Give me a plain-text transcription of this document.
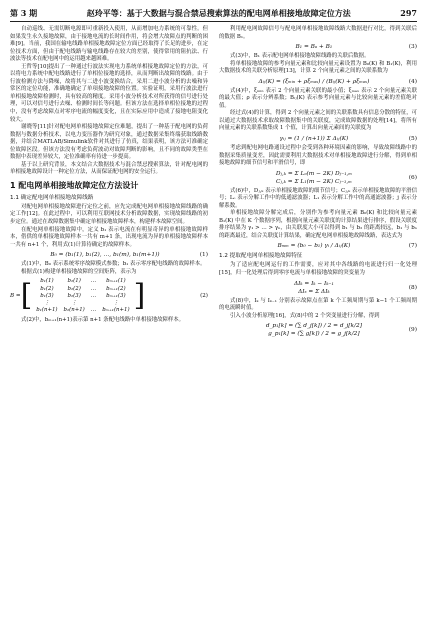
第 3 期	赵玲平等：基于大数据与混合禁忌搜索算法的配电网单相接地故障定位方法	297

自动巡线、无需切断电源即可重新投入使用，从而增加电力系统的可靠性。但如果发生永久接地故障，由于接地电流的长时间作用，将会增大故障点的判断的困难[9]。当前，我国在输电线路单相接地故障定位方面已经取得了长足的进步，在定位技术方面，但由于配电线路与输电线路存在较大的差别，使得常用的阻抗法、行波法等技术在配电网中的运用越来越困难。

王哲等[10]提出了一种通过行波法实现电力系统单相接地故障定位的方法，可以将电力系统中配电线路进行了单相位接地的选择，从而判断出故障的线路。由于行波检测方法与降噪，故将其与二进小波变换结合，采用二进小波分析的去噪和异常区的定位功能，准确地确定了单项接地故障的位置。实验证明，采用行波法进行单相接地故障检测时，具有较高的精度。采用小波分析技术对所获得的信号进行处理，可以对信号进行去噪、检测时间长等问题。但该方法在选择单相位接地的过程中，没有考虑故障点对零序电流的幅度变化，且在实际应用中造成了接地电阻变化较大。

谢晓等[11]针对配电网单相接地故障定位难题，提出了一种基于配电网的负荷数据与数据分析技术，以电力变压器作为研究对象，通过数据采集终端获取线路数据，并结合MATLAB/Simulink软件对其进行了仿真，结果表明，该方法可准确定位故障区段。但该方法没有考虑负荷波动对故障判断的影响，且不同的故障类型在数据中表现差异较大，定位准确率有待进一步提高。

基于以上研究背景，本文结合大数据技术与混合禁忌搜索算法，针对配电网的单相接地故障设计一种定位方法，从而保证配电网的安全运行。

1 配电网单相接地故障定位方法设计
1.1 确定配电网单相接地故障线路

对配电网单相接地故障进行定位之前，应先完成配电网单相接地故障线路的确定工作[12]。在此过程中，可以利用互联网技术分析故障数据，实现故障线路的初步定位。通过在故障数据集中确定单相接地故障样本，构建样本故障空间。

在配电网单相接地故障中，定义 b₁ 表示电流在有明显奇异的单相接地故障样本，借供的单相接地故障样本一共有 m+1 条，出现电流为异的单相接地故障样本一共有 n+1 个，利用式(1)计算待确定的故障样本。

B₀ = (b₁(1), b₁(2), …, b₁(m), b₁(m+1))	(1)

式(1)中，B₀ 表示系统零序故障模式参数；b₁ 表示零序配电线路的故障样本。

根据式(1)构建单相接地故障的空间矩阵，表示为

B = [ b₁(1)	b₂(1)	…	bₘ₊₁(1)
b₁(2)	b₂(2)	…	bₘ₊₁(2)
b₁(3)	b₂(3)	…	bₘ₊₁(3)
⋮	⋮		⋮
b₁(n+1)	b₂(n+1)	…	bₘ₊₁(n+1) ]	(2)

式(2)中，bₘ₊₁(n+1)表示第 n+1 条配电线路中单相接地故障样本。

利用配电网故障信号与配电网单相接地故障线路大数据进行对比，得到关联后的数据 B₁。

B₁ = Bₐ + B₁	(3)

式(3)中，B₁ 表示配电网单相接地故障线路的关联后数据。

将单相接地故障的参考向量元素和比较向量元素设置为 B₀(K) 和 B₁(K)，利用大数据技术的关联分析原理[13]，计算 2 个向量元素之间的关联系数为

Δᵢⱼ(K) = (ξₘᵢₙ + ρξₘₐₓ) / (Bᵢⱼ(K) + ρξₘₐₓ)	(4)

式(4)中，ξₘᵢₙ 表示 2 个向量元素关联的最小值；ξₘₐₓ 表示 2 个向量元素关联的最大值；ρ 表示分辨系数；Bᵢⱼ(K) 表示参考向量元素与比较向量元素的差值绝对值。

经过式(4)的计算，得到 2 个向量元素之间的关联系数具有信息分散的特征，可以通过大数据技术求取故障数据集中的关联度，完成故障数据的处理[14]，将所有向量元素的关联系数集成 1 个值，计算出向量元素间的关联度为

γᵢⱼ = (1 / (n+1)) Σ Δᵢⱼ(K)	(5)

考虑到配电网电路通设过程中会受到各种环境因素的影响，导致故障线路中的数据采集质量变差，因此需要利用大数据技术对单相接地故障进行分解，得到单相接地故障的细节信号和平滑信号，即

Dⱼ,ₖ = Σ Lₒ(m − 2K) Dⱼ₋₁,ₘ
Cⱼ,ₖ = Σ L₁(m − 2K) Cⱼ₋₁,ₘ
(6)

式(6)中，Dⱼ,ₖ 表示单相接地故障的细节信号；Cⱼ,ₖ 表示单相接地故障的平滑信号；Lₒ 表示分解工作中的低通滤波器；L₁ 表示分解工作中的高通滤波器；j 表示分解系数。

单相接地故障分解完成后，分别作为参考向量元素 B₀(K) 和比较向量元素 B₁(K) 中在 K 个数据序列，根据向量元素关联度的计算结果进行排序，假设关联度排序结果为 γ₁ > … > γₙ，由关联度大小可以得到 b₁ 与 b₂ 的距离较远，b₁ 与 bₙ 的距离最近，结合关联度计算结果，确定配电网单相接地故障线路，表达式为

Bₘₘ = (b₀ − b₁) γᵢ / Δᵢⱼ(K)	(7)
1.2 提取配电网单相接地故障特征

为了适应配电网运行的工作需要，应对其中各线路的电流进行归一化处理[15]，归一化处理后得到零序电流与单相接地故障的突变量为

ΔIₖ = Iₖ − Iₖ₋₁
ΔIₛ = Σ ΔIₖ
(8)

式(8)中，Iₖ 与 Iₖ₋₁ 分别表示故障点在第 k 个工频周期与第 k−1 个工频周期的电流瞬时值。

引入小波分析原理[16]，式(8)中的 2 个突变量进行分解，得到

d_p₁[k] = (∑ d_j[k]) / 2 = d_j[k/2]
g_p₁[k] = (∑ g[k]) / 2 = g_j[k/2]
(9)
